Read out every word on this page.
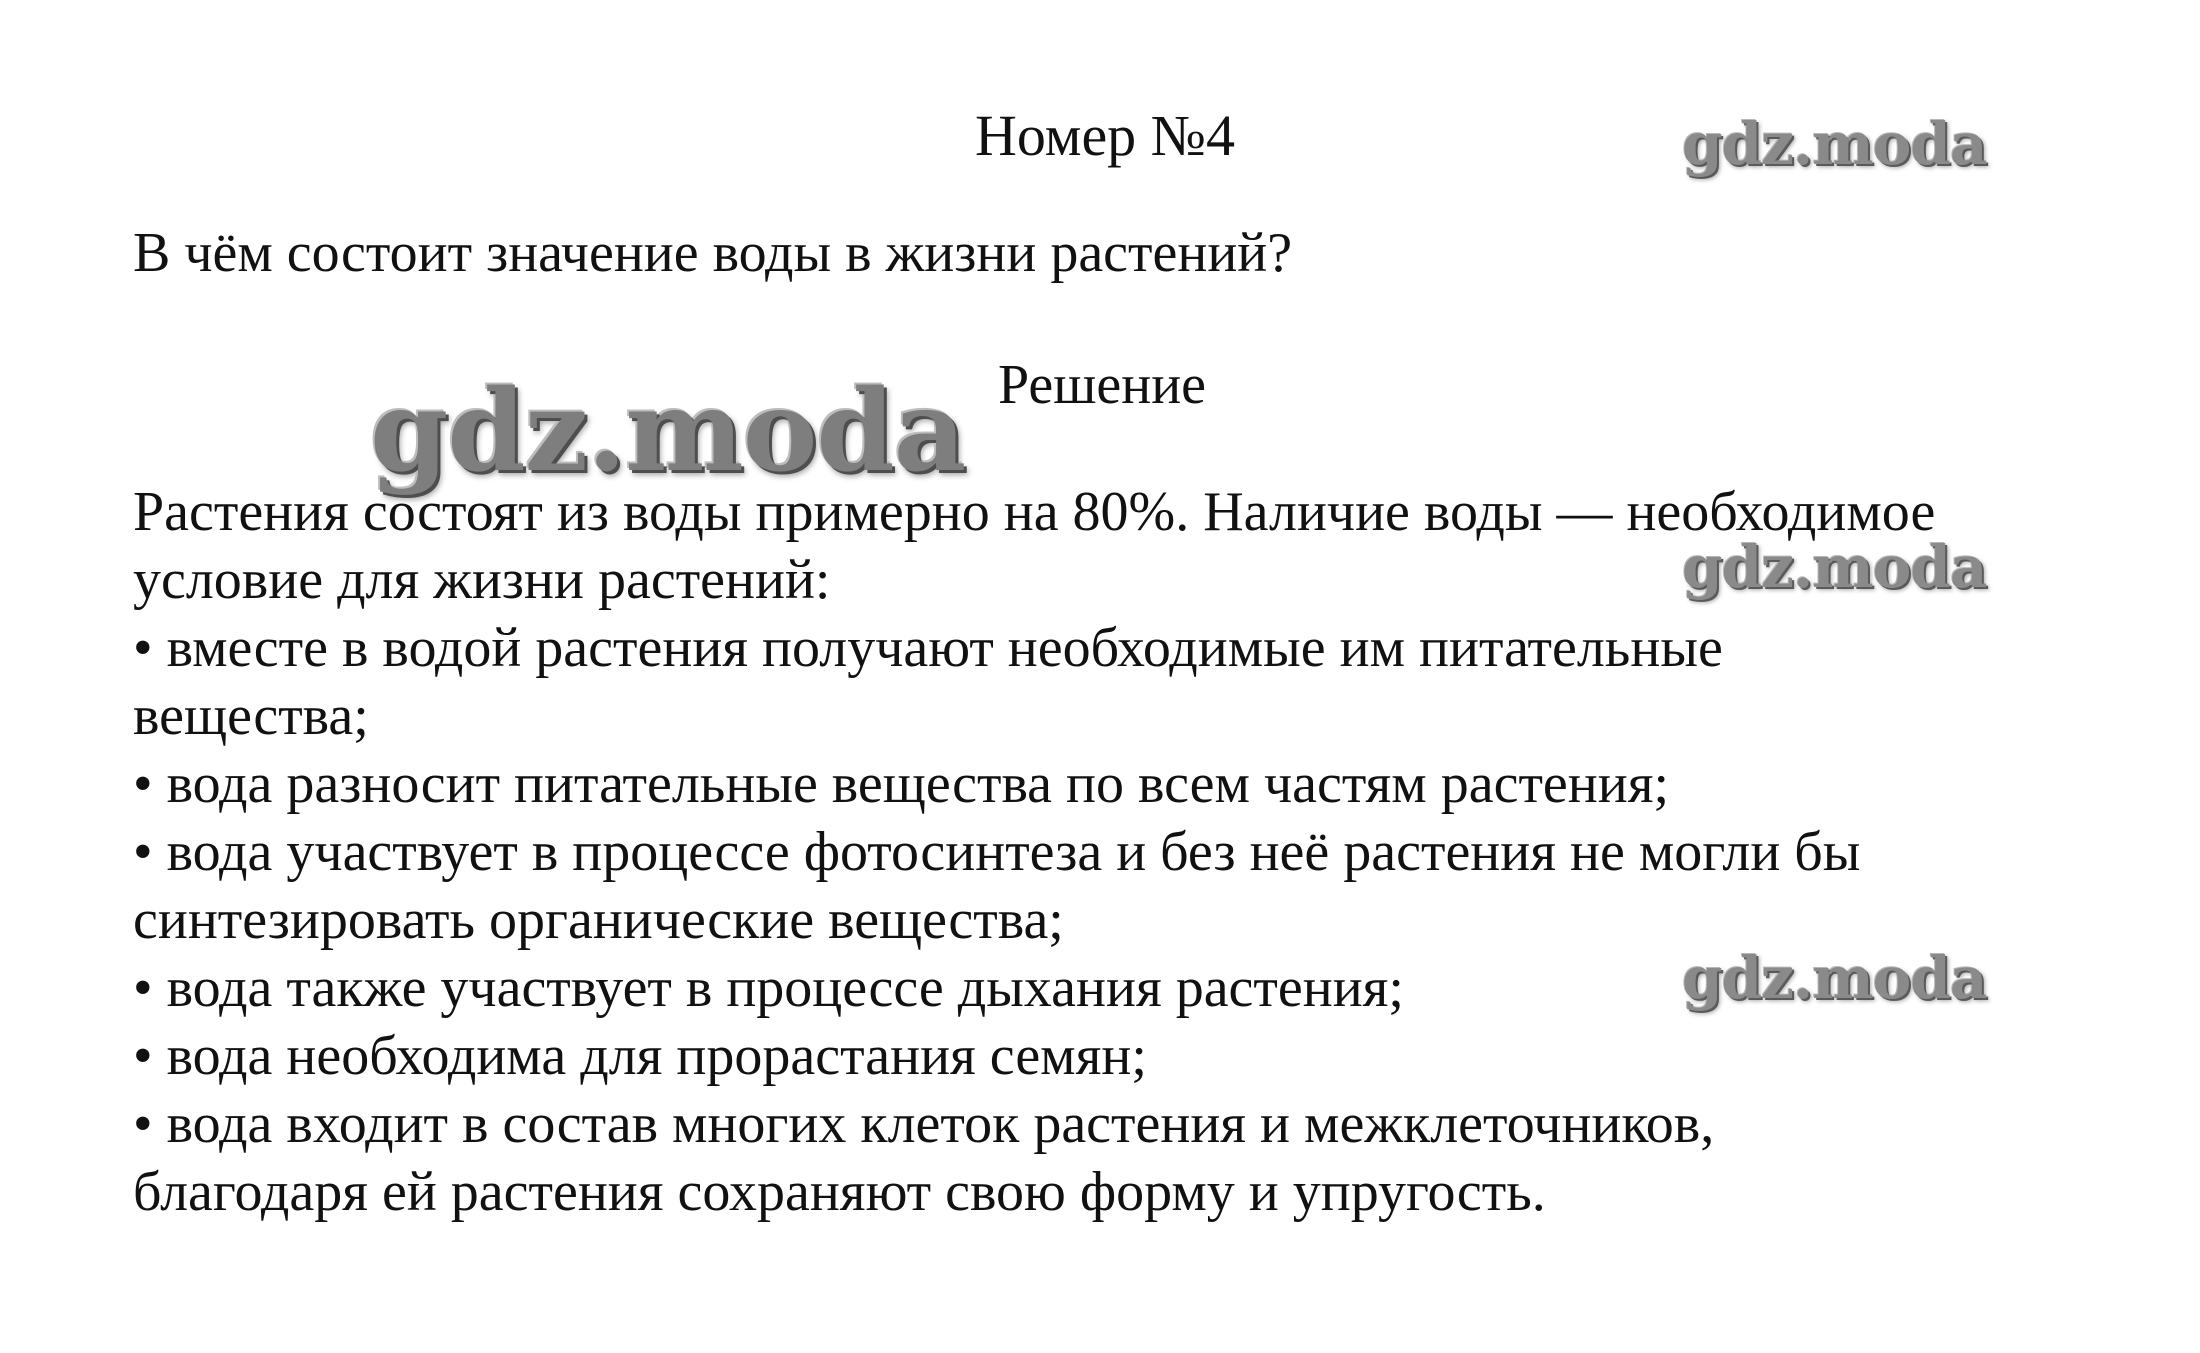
Номер №4
В чём состоит значение воды в жизни растений?
Решение
Растения состоят из воды примерно на 80%. Наличие воды — необходимое
условие для жизни растений:
• вместе в водой растения получают необходимые им питательные
вещества;
• вода разносит питательные вещества по всем частям растения;
• вода участвует в процессе фотосинтеза и без неё растения не могли бы
синтезировать органические вещества;
• вода также участвует в процессе дыхания растения;
• вода необходима для прорастания семян;
• вода входит в состав многих клеток растения и межклеточников,
благодаря ей растения сохраняют свою форму и упругость.
gdz.moda
gdz.moda
gdz.moda
gdz.moda
